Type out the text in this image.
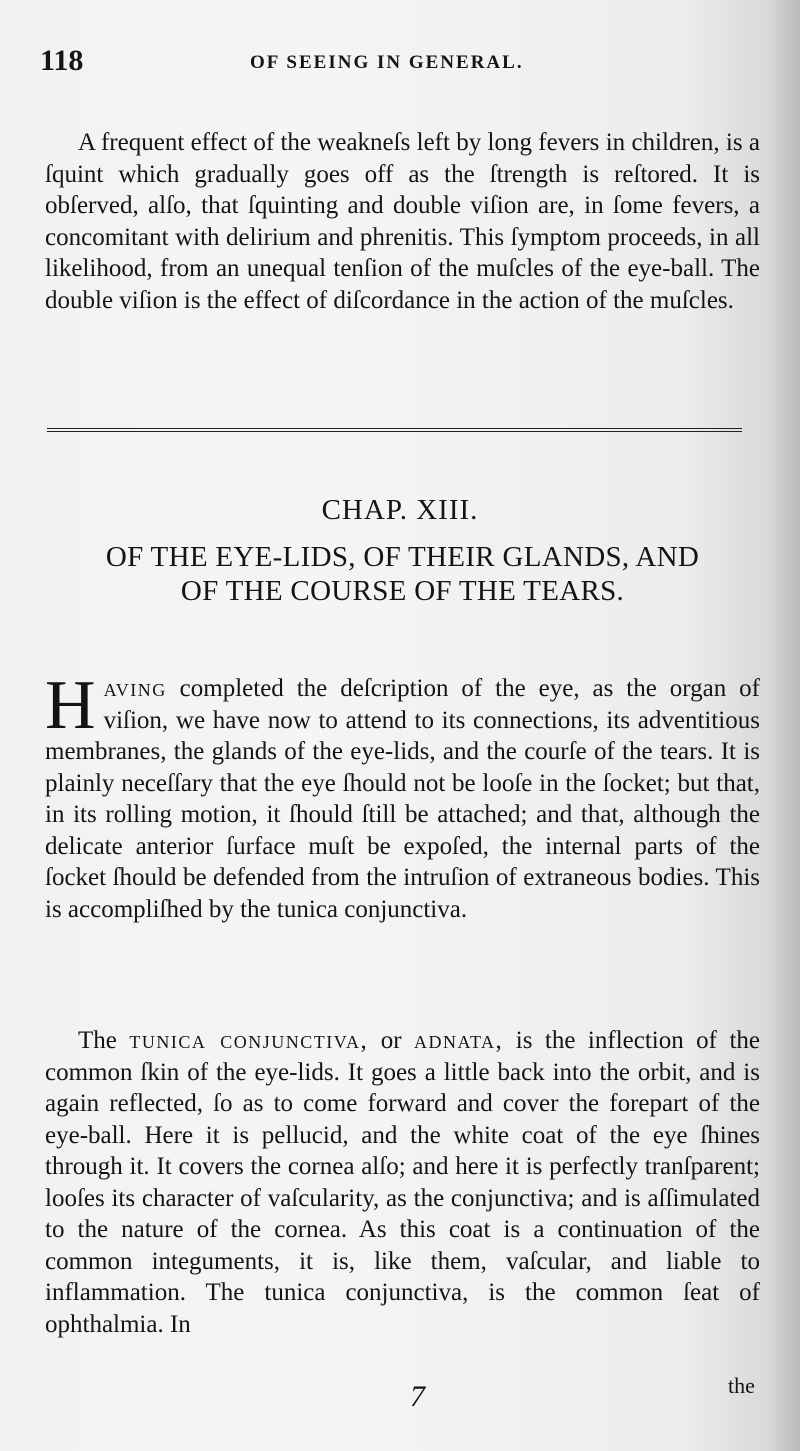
118	OF SEEING IN GENERAL.

A frequent effect of the weakneſs left by long fevers in children, is a ſquint which gradually goes off as the ſtrength is reſtored. It is obſerved, alſo, that ſquinting and double viſion are, in ſome fevers, a concomitant with delirium and phrenitis. This ſymptom proceeds, in all likelihood, from an unequal tenſion of the muſcles of the eye-ball. The double viſion is the effect of diſcordance in the action of the muſcles.

CHAP. XIII.
OF THE EYE-LIDS, OF THEIR GLANDS, AND
OF THE COURSE OF THE TEARS.

Having completed the deſcription of the eye, as the organ of viſion, we have now to attend to its connections, its adventitious membranes, the glands of the eye-lids, and the courſe of the tears. It is plainly neceſſary that the eye ſhould not be looſe in the ſocket; but that, in its rolling motion, it ſhould ſtill be attached; and that, although the delicate anterior ſurface muſt be expoſed, the internal parts of the ſocket ſhould be defended from the intruſion of extraneous bodies. This is accompliſhed by the tunica conjunctiva.

The tunica conjunctiva, or adnata, is the inflection of the common ſkin of the eye-lids. It goes a little back into the orbit, and is again reflected, ſo as to come forward and cover the forepart of the eye-ball. Here it is pellucid, and the white coat of the eye ſhines through it. It covers the cornea alſo; and here it is perfectly tranſparent; looſes its character of vaſcularity, as the conjunctiva; and is aſſimulated to the nature of the cornea. As this coat is a continuation of the common integuments, it is, like them, vaſcular, and liable to inflammation. The tunica conjunctiva, is the common ſeat of ophthalmia. In

7	the
